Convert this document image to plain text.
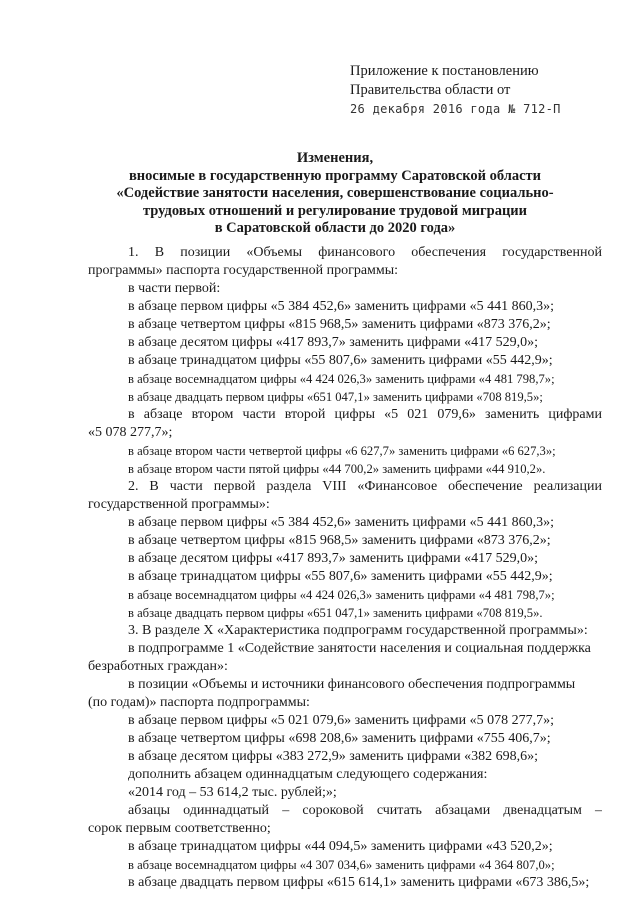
Приложение к постановлению
Правительства области от
26 декабря 2016 года № 712-П
Изменения,
вносимые в государственную программу Саратовской области
«Содействие занятости населения, совершенствование социально-
трудовых отношений и регулирование трудовой миграции
в Саратовской области до 2020 года»
1. В позиции «Объемы финансового обеспечения государственной
программы» паспорта государственной программы:
в части первой:
в абзаце первом цифры «5 384 452,6» заменить цифрами «5 441 860,3»;
в абзаце четвертом цифры «815 968,5» заменить цифрами «873 376,2»;
в абзаце десятом цифры «417 893,7» заменить цифрами «417 529,0»;
в абзаце тринадцатом цифры «55 807,6» заменить цифрами «55 442,9»;
в абзаце восемнадцатом цифры «4 424 026,3» заменить цифрами «4 481 798,7»;
в абзаце двадцать первом цифры «651 047,1» заменить цифрами «708 819,5»;
в абзаце втором части второй цифры «5 021 079,6» заменить цифрами
«5 078 277,7»;
в абзаце втором части четвертой цифры «6 627,7» заменить цифрами «6 627,3»;
в абзаце втором части пятой цифры «44 700,2» заменить цифрами «44 910,2».
2. В части первой раздела VIII «Финансовое обеспечение реализации
государственной программы»:
в абзаце первом цифры «5 384 452,6» заменить цифрами «5 441 860,3»;
в абзаце четвертом цифры «815 968,5» заменить цифрами «873 376,2»;
в абзаце десятом цифры «417 893,7» заменить цифрами «417 529,0»;
в абзаце тринадцатом цифры «55 807,6» заменить цифрами «55 442,9»;
в абзаце восемнадцатом цифры «4 424 026,3» заменить цифрами «4 481 798,7»;
в абзаце двадцать первом цифры «651 047,1» заменить цифрами «708 819,5».
3. В разделе X «Характеристика подпрограмм государственной программы»:
в подпрограмме 1 «Содействие занятости населения и социальная поддержка
безработных граждан»:
в позиции «Объемы и источники финансового обеспечения подпрограммы
(по годам)» паспорта подпрограммы:
в абзаце первом цифры «5 021 079,6» заменить цифрами «5 078 277,7»;
в абзаце четвертом цифры «698 208,6» заменить цифрами «755 406,7»;
в абзаце десятом цифры «383 272,9» заменить цифрами «382 698,6»;
дополнить абзацем одиннадцатым следующего содержания:
«2014 год – 53 614,2 тыс. рублей;»;
абзацы одиннадцатый – сороковой считать абзацами двенадцатым –
сорок первым соответственно;
в абзаце тринадцатом цифры «44 094,5» заменить цифрами «43 520,2»;
в абзаце восемнадцатом цифры «4 307 034,6» заменить цифрами «4 364 807,0»;
в абзаце двадцать первом цифры «615 614,1» заменить цифрами «673 386,5»;
